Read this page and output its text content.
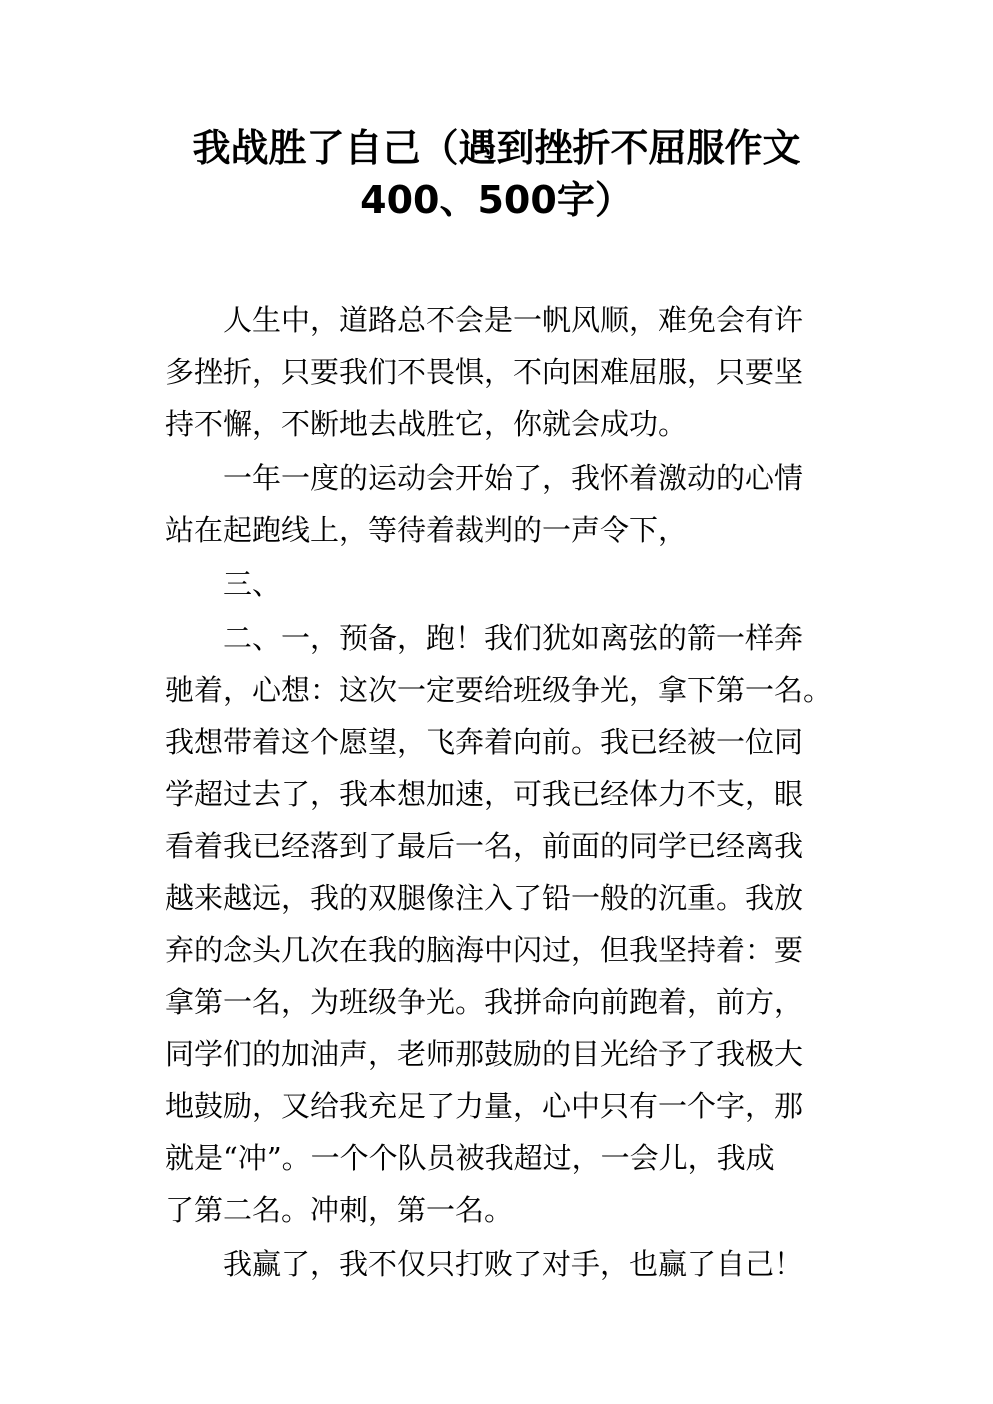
我战胜了自己（遇到挫折不屈服作文
400、500字）
人生中，道路总不会是一帆风顺，难免会有许
多挫折，只要我们不畏惧，不向困难屈服，只要坚
持不懈，不断地去战胜它，你就会成功。
一年一度的运动会开始了，我怀着激动的心情
站在起跑线上，等待着裁判的一声令下，
三、
二、一，预备，跑！我们犹如离弦的箭一样奔
驰着，心想：这次一定要给班级争光，拿下第一名。
我想带着这个愿望，飞奔着向前。我已经被一位同
学超过去了，我本想加速，可我已经体力不支，眼
看着我已经落到了最后一名，前面的同学已经离我
越来越远，我的双腿像注入了铅一般的沉重。我放
弃的念头几次在我的脑海中闪过，但我坚持着：要
拿第一名，为班级争光。我拼命向前跑着，前方，
同学们的加油声，老师那鼓励的目光给予了我极大
地鼓励，又给我充足了力量，心中只有一个字，那
就是“冲”。一个个队员被我超过，一会儿，我成
了第二名。冲刺，第一名。
我赢了，我不仅只打败了对手，也赢了自己！
